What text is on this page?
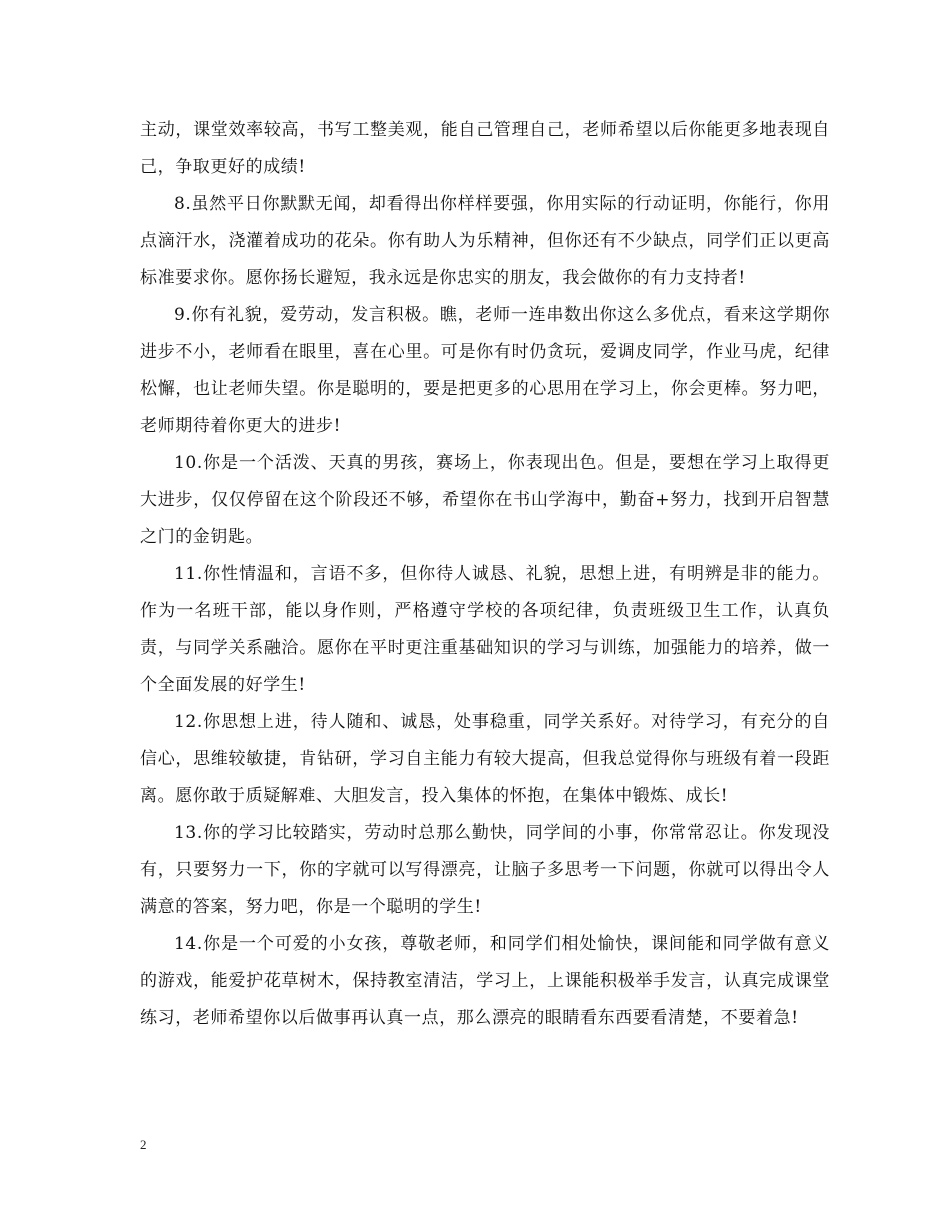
主动，课堂效率较高，书写工整美观，能自己管理自己，老师希望以后你能更多地表现自己，争取更好的成绩!

8.虽然平日你默默无闻，却看得出你样样要强，你用实际的行动证明，你能行，你用点滴汗水，浇灌着成功的花朵。你有助人为乐精神，但你还有不少缺点，同学们正以更高标准要求你。愿你扬长避短，我永远是你忠实的朋友，我会做你的有力支持者!

9.你有礼貌，爱劳动，发言积极。瞧，老师一连串数出你这么多优点，看来这学期你进步不小，老师看在眼里，喜在心里。可是你有时仍贪玩，爱调皮同学，作业马虎，纪律松懈，也让老师失望。你是聪明的，要是把更多的心思用在学习上，你会更棒。努力吧，老师期待着你更大的进步!

10.你是一个活泼、天真的男孩，赛场上，你表现出色。但是，要想在学习上取得更大进步，仅仅停留在这个阶段还不够，希望你在书山学海中，勤奋+努力，找到开启智慧之门的金钥匙。

11.你性情温和，言语不多，但你待人诚恳、礼貌，思想上进，有明辨是非的能力。作为一名班干部，能以身作则，严格遵守学校的各项纪律，负责班级卫生工作，认真负责，与同学关系融洽。愿你在平时更注重基础知识的学习与训练，加强能力的培养，做一个全面发展的好学生!

12.你思想上进，待人随和、诚恳，处事稳重，同学关系好。对待学习，有充分的自信心，思维较敏捷，肯钻研，学习自主能力有较大提高，但我总觉得你与班级有着一段距离。愿你敢于质疑解难、大胆发言，投入集体的怀抱，在集体中锻炼、成长!

13.你的学习比较踏实，劳动时总那么勤快，同学间的小事，你常常忍让。你发现没有，只要努力一下，你的字就可以写得漂亮，让脑子多思考一下问题，你就可以得出令人满意的答案，努力吧，你是一个聪明的学生!

14.你是一个可爱的小女孩，尊敬老师，和同学们相处愉快，课间能和同学做有意义的游戏，能爱护花草树木，保持教室清洁，学习上，上课能积极举手发言，认真完成课堂练习，老师希望你以后做事再认真一点，那么漂亮的眼睛看东西要看清楚，不要着急!

2
